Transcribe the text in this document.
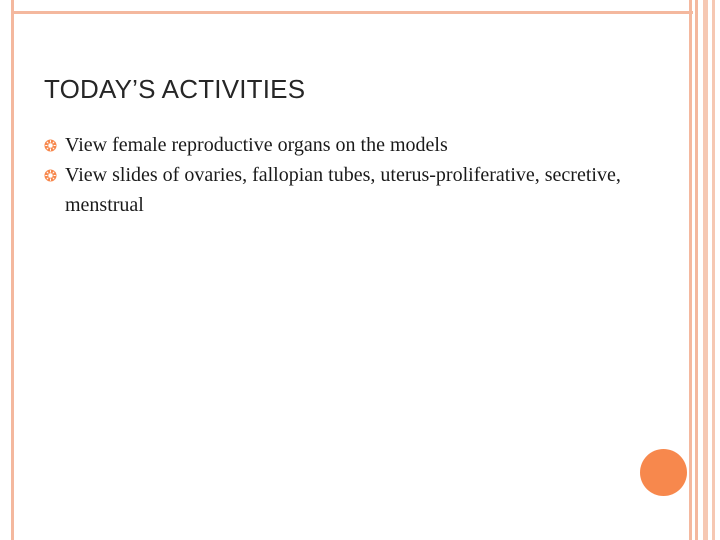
TODAY’S ACTIVITIES
View female reproductive organs on the models
View slides of ovaries, fallopian tubes, uterus-proliferative, secretive, menstrual
